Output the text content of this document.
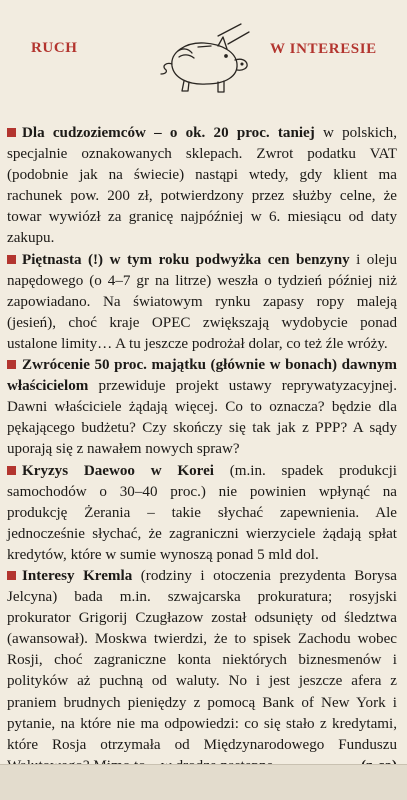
RUCH	W INTERESIE

Dla cudzoziemców – o ok. 20 proc. taniej w polskich, specjalnie oznakowanych sklepach. Zwrot podatku VAT (podobnie jak na świecie) nastąpi wtedy, gdy klient ma rachunek pow. 200 zł, potwierdzony przez służby celne, że towar wywiózł za granicę najpóźniej w 6. miesiącu od daty zakupu.

Piętnasta (!) w tym roku podwyżka cen benzyny i oleju napędowego (o 4–7 gr na litrze) weszła o tydzień później niż zapowiadano. Na światowym rynku zapasy ropy maleją (jesień), choć kraje OPEC zwiększają wydobycie ponad ustalone limity… A tu jeszcze podrożał dolar, co też źle wróży.

Zwrócenie 50 proc. majątku (głównie w bonach) dawnym właścicielom przewiduje projekt ustawy reprywatyzacyjnej. Dawni właściciele żądają więcej. Co to oznacza? będzie dla pękającego budżetu? Czy skończy się tak jak z PPP? A sądy uporają się z nawałem nowych spraw?

Kryzys Daewoo w Korei (m.in. spadek produkcji samochodów o 30–40 proc.) nie powinien wpłynąć na produkcję Żerania – takie słychać zapewnienia. Ale jednocześnie słychać, że zagraniczni wierzyciele żądają spłat kredytów, które w sumie wynoszą ponad 5 mld dol.

Interesy Kremla (rodziny i otoczenia prezydenta Borysa Jelcyna) bada m.in. szwajcarska prokuratura; rosyjski prokurator Grigorij Czugłazow został odsunięty od śledztwa (awansował). Moskwa twierdzi, że to spisek Zachodu wobec Rosji, choć zagraniczne konta niektórych biznesmenów i polityków aż puchną od waluty. No i jest jeszcze afera z praniem brudnych pieniędzy z pomocą Bank of New York i pytanie, na które nie ma odpowiedzi: co się stało z kredytami, które Rosja otrzymała od Międzynarodowego Funduszu
